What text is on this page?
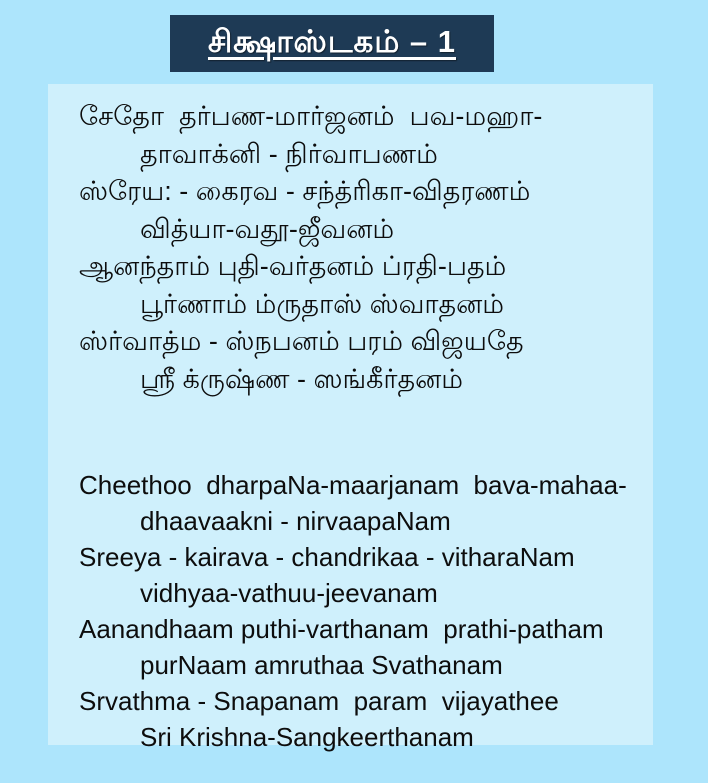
சிக்ஷாஸ்டகம் – 1
சேதோ  தர்பண-மார்ஜனம்  பவ-மஹா-
தாவாக்னி - நிர்வாபணம்
ஸ்ரேய: - கைரவ - சந்த்ரிகா-விதரணம்
வித்யா-வதூ-ஜீவனம்
ஆனந்தாம் புதி-வர்தனம் ப்ரதி-பதம்
பூர்ணாம் ம்ருதாஸ் ஸ்வாதனம்
ஸ்ர்வாத்ம - ஸ்நபனம் பரம் விஜயதே
ஸ்ரீ க்ருஷ்ண - ஸங்கீர்தனம்
Cheethoo  dharpaNa-maarjanam  bava-mahaa-
dhaavaakni - nirvaapaNam
Sreeya - kairava - chandrikaa - vitharaNam
vidhyaa-vathuu-jeevanam
Aanandhaam puthi-varthanam  prathi-patham
purNaam amruthaa Svathanam
Srvathma - Snapanam  param  vijayathee
Sri Krishna-Sangkeerthanam
